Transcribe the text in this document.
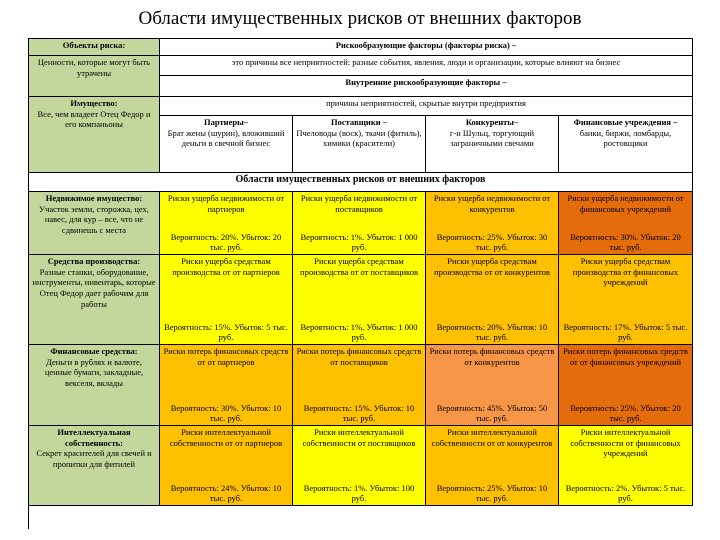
Области имущественных рисков от внешних факторов
Объекты риска:	Рискообразующие факторы (факторы риска) –
Ценности, которые могут быть утрачены
это причины все неприятностей: разные события, явления, люди и организации, которые влияют на бизнес
Внутренние рискообразующие факторы –
причины неприятностей, скрытые внутри предприятия
Имущество:
Все, чем владеет Отец Федор и его компаньоны	Партнеры–
Брат жены (шурин), вложивший деньги в свечной бизнес
Поставщики –
Пчеловоды (воск), ткачи (фитиль), химики (красители)
Конкуренты–
г-н Шульц, торгующий заграничными свечами
Финансовые учреждения –
банки, биржи, ломбарды, ростовщики
Области имущественных рисков от внешних факторов
Недвижимое имущество:
Участок земли, сторожка, цех, навес, для кур – все, что не сдвинешь с места
Риски ущерба недвижимости от партнеров
Вероятность: 20%. Убыток: 20 тыс. руб.
Риски ущерба недвижимости от поставщиков
Вероятность: 1%. Убыток: 1 000 руб.
Риски ущерба недвижимости от конкурентов
Вероятность: 25%. Убыток: 30 тыс. руб.
Риски ущерба недвижимости от финансовых учреждений
Вероятность: 30%. Убыток: 20 тыс. руб.
Средства производства:
Разные станки, оборудование, инструменты, инвентарь, которые Отец Федор дает рабочим для работы
Риски ущерба средствам производства от от партнеров
Вероятность: 15%. Убыток: 5 тыс. руб.
Риски ущерба средствам производства от от поставщиков
Вероятность: 1%. Убыток: 1 000 руб.
Риски ущерба средствам производства от от конкурентов
Вероятность: 20%. Убыток: 10 тыс. руб.
Риски ущерба средствам производства от финансовых учреждений
Вероятность: 17%. Убыток: 5 тыс. руб.
Финансовые средства:
Деньги в рублях и валюте, ценные бумаги, закладные, векселя, вклады
Риски потерь финансовых средств от от партнеров
Вероятность: 30%. Убыток: 10 тыс. руб.
Риски потерь финансовых средств от поставщиков
Вероятность: 15%. Убыток: 10 тыс. руб.
Риски потерь финансовых средств от конкурентов
Вероятность: 45%. Убыток: 50 тыс. руб.
Риски потерь финансовых средств от от финансовых учреждений
Вероятность: 25%. Убыток: 20 тыс. руб.
Интеллектуальная собственность:
Секрет красителей для свечей и пропитки для фитилей
Риски интеллектуальной собственности от от партнеров
Вероятность: 24%. Убыток: 10 тыс. руб.
Риски интеллектуальной собственности от поставщиков
Вероятность: 1%. Убыток: 100 руб.
Риски интеллектуальной собственности от от конкурентов
Вероятность: 25%. Убыток: 10 тыс. руб.
Риски интеллектуальной собственности от финансовых учреждений
Вероятность: 2%. Убыток: 5 тыс. руб.
